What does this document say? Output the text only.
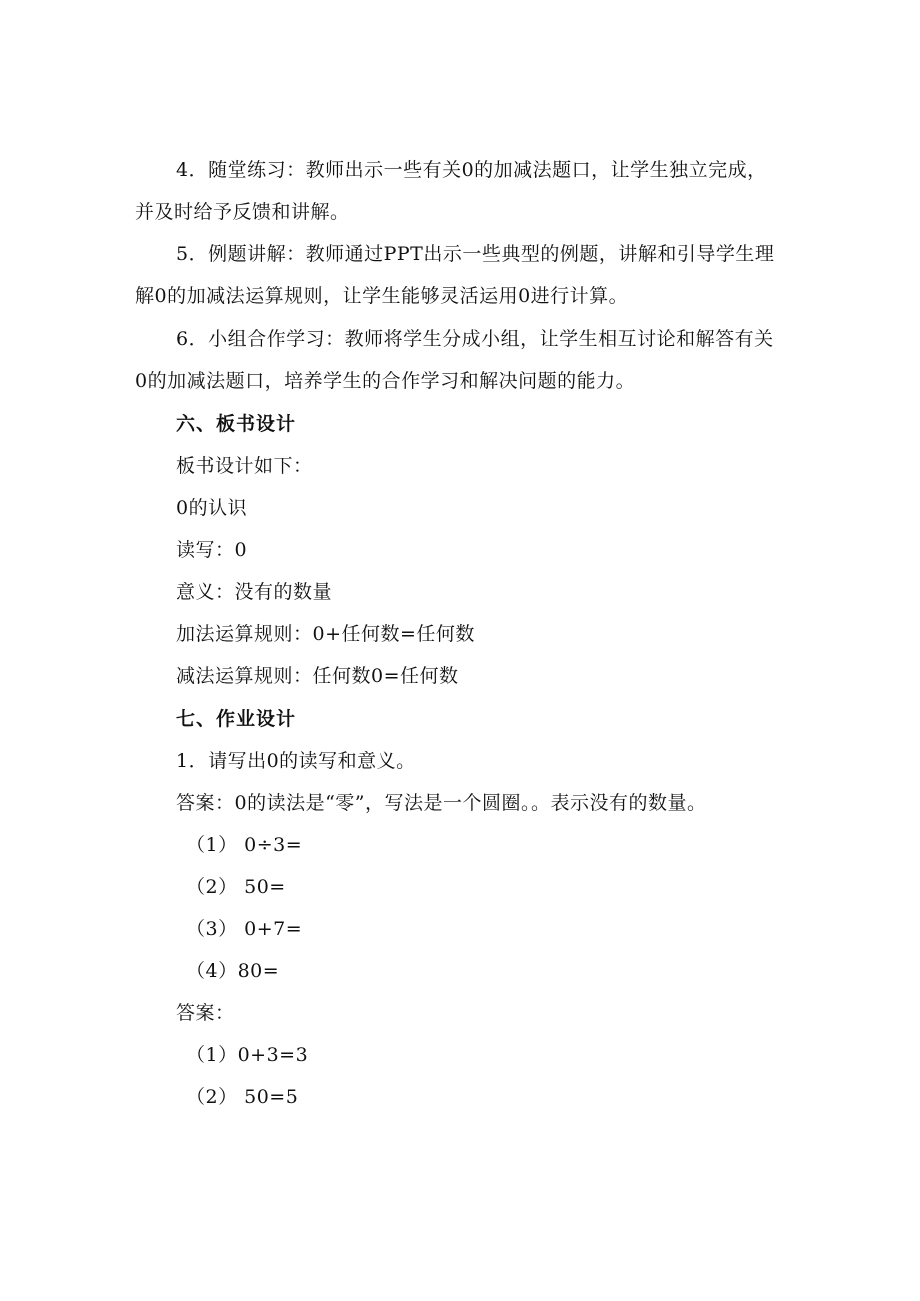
4．随堂练习：教师出示一些有关0的加减法题口，让学生独立完成，
并及时给予反馈和讲解。
5．例题讲解：教师通过PPT出示一些典型的例题，讲解和引导学生理
解0的加减法运算规则，让学生能够灵活运用0进行计算。
6．小组合作学习：教师将学生分成小组，让学生相互讨论和解答有关
0的加减法题口，培养学生的合作学习和解决问题的能力。
六、板书设计
板书设计如下：
0的认识
读写：0
意义：没有的数量
加法运算规则：0+任何数=任何数
减法运算规则：任何数0=任何数
七、作业设计
1．请写出0的读写和意义。
答案：0的读法是“零”，写法是一个圆圈。。表示没有的数量。
（1） 0÷3=
（2） 50=
（3） 0+7=
（4）80=
答案：
（1）0+3=3
（2） 50=5
